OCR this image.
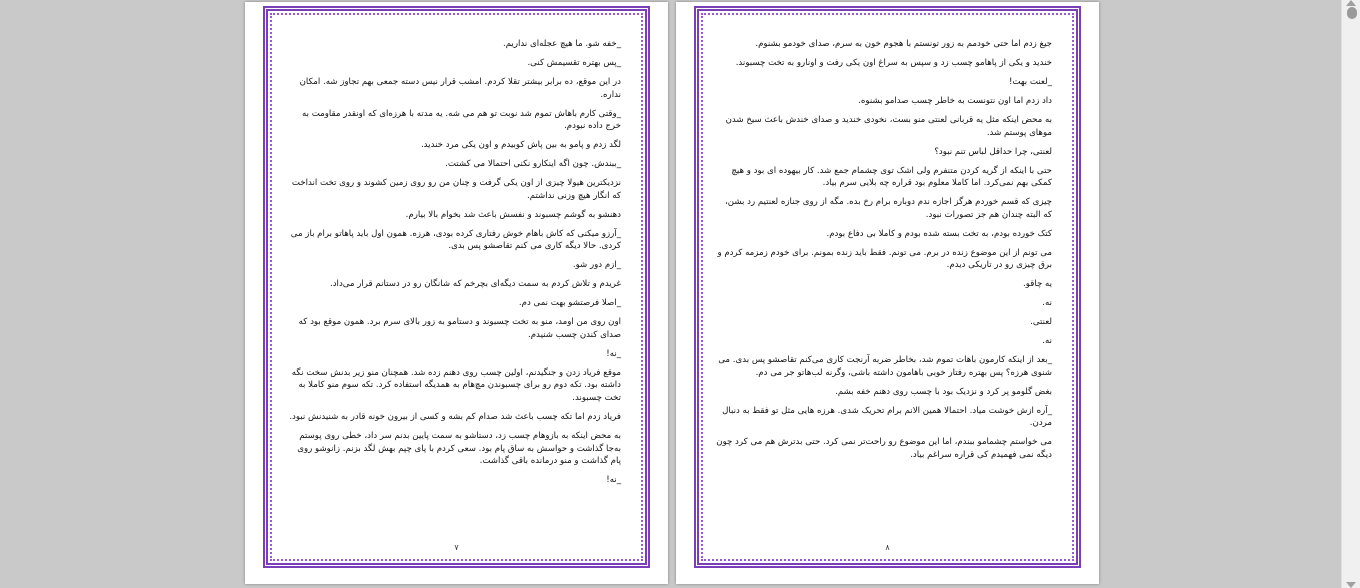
_خفه شو. ما هیچ عجله‌ای نداریم.

_پس بهتره تقسیمش کنی.

در این موقع، ده برابر بیشتر تقلا کردم. امشب قرار نیس دسته جمعی بهم تجاوز شه. امکان نداره.

_وقتی کارم باهاش تموم شد نوبت تو هم می شه. یه مدته با هرزه‌ای که اونقدر مقاومت به خرج داده نبودم.

لگد زدم و پامو به بین پاش کوبیدم و اون یکی مرد خندید.

_ببندش. چون اگه اینکارو نکنی احتمالا می کشتت.

نزدیکترین هیولا چیزی از اون یکی گرفت و چنان من رو روی زمین کشوند و روی تخت انداخت که انگار هیچ وزنی نداشتم.

دهنشو به گوشم چسبوند و نفسش باعث شد بخوام بالا بیارم.

_آرزو میکنی که کاش باهام خوش رفتاری کرده بودی، هرزه. همون اول باید پاهاتو برام باز می کردی. حالا دیگه کاری می کنم تقاصشو پس بدی.

_ازم دور شو.

غریدم و تلاش کردم به سمت دیگه‌ای بچرخم که شانگان رو در دستانم قرار می‌داد.

_اصلا فرصتشو بهت نمی دم.

اون روی من اومد، منو به تخت چسبوند و دستامو به زور بالای سرم برد. همون موقع بود که صدای کندن چسب شنیدم.

_نه!

موقع فریاد زدن و جنگیدنم، اولین چسب روی دهنم زده شد. همچنان منو زیر بدنش سخت نگه داشته بود. تکه دوم رو برای چسبوندن مچ‌هام به همدیگه استفاده کرد. تکه سوم منو کاملا به تخت چسبوند.

فریاد زدم اما تکه چسب باعث شد صدام کم بشه و کسی از بیرون خونه قادر به شنیدنش نبود.

به محض اینکه به بازوهام چسب زد، دستاشو به سمت پایین بدنم سر داد، خطی روی پوستم به‌جا گذاشت و حواسش به ساق پام بود. سعی کردم با پای چپم بهش لگد بزنم. زانوشو روی پام گذاشت و منو درمانده باقی گذاشت.

_نه!

۷

جیغ زدم اما حتی خودمم به زور تونستم با هجوم خون به سرم، صدای خودمو بشنوم.

خندید و یکی از پاهامو چسب زد و سپس به سراغ اون یکی رفت و اونارو به تخت چسبوند.

_لعنت بهت!

داد زدم اما اون نتونست به خاطر چسب صدامو بشنوه.

به محض اینکه مثل یه قربانی لعنتی منو بست، نخودی خندید و صدای خندش باعث سیخ شدن موهای پوستم شد.

لعنتی، چرا حداقل لباس تنم نبود؟

حتی با اینکه از گریه کردن متنفرم ولی اشک توی چشمام جمع شد. کار بیهوده ای بود و هیچ کمکی بهم نمی‌کرد. اما کاملا معلوم بود قراره چه بلایی سرم بیاد.

چیزی که قسم خوردم هرگز اجازه ندم دوباره برام رخ بده. مگه از روی جنازه لعنتیم رد بشن، که البته چندان هم جز تصورات نبود.

کتک خورده بودم، به تخت بسته شده بودم و کاملا بی دفاع بودم.

می تونم از این موضوع زنده در برم. می تونم. فقط باید زنده بمونم. برای خودم زمزمه کردم و برق چیزی رو در تاریکی دیدم.

یه چاقو.

نه.

لعنتی.

نه.

_بعد از اینکه کارمون باهات تموم شد، بخاطر ضربه آرنجت کاری می‌کنم تقاصشو پس بدی. می شنوی هرزه؟ پس بهتره رفتار خوبی باهامون داشته باشی، وگرنه لب‌هاتو جر می دم.

بغض گلومو پر کرد و نزدیک بود با چسب روی دهنم خفه بشم.

_آره ازش خوشت میاد. احتمالا همین الانم برام تحریک شدی. هرزه هایی مثل تو فقط به دنبال مردن.

می خواستم چشمامو ببندم، اما این موضوع رو راحت‌تر نمی کرد. حتی بدترش هم می کرد چون دیگه نمی فهمیدم کی قراره سراغم بیاد.

۸
